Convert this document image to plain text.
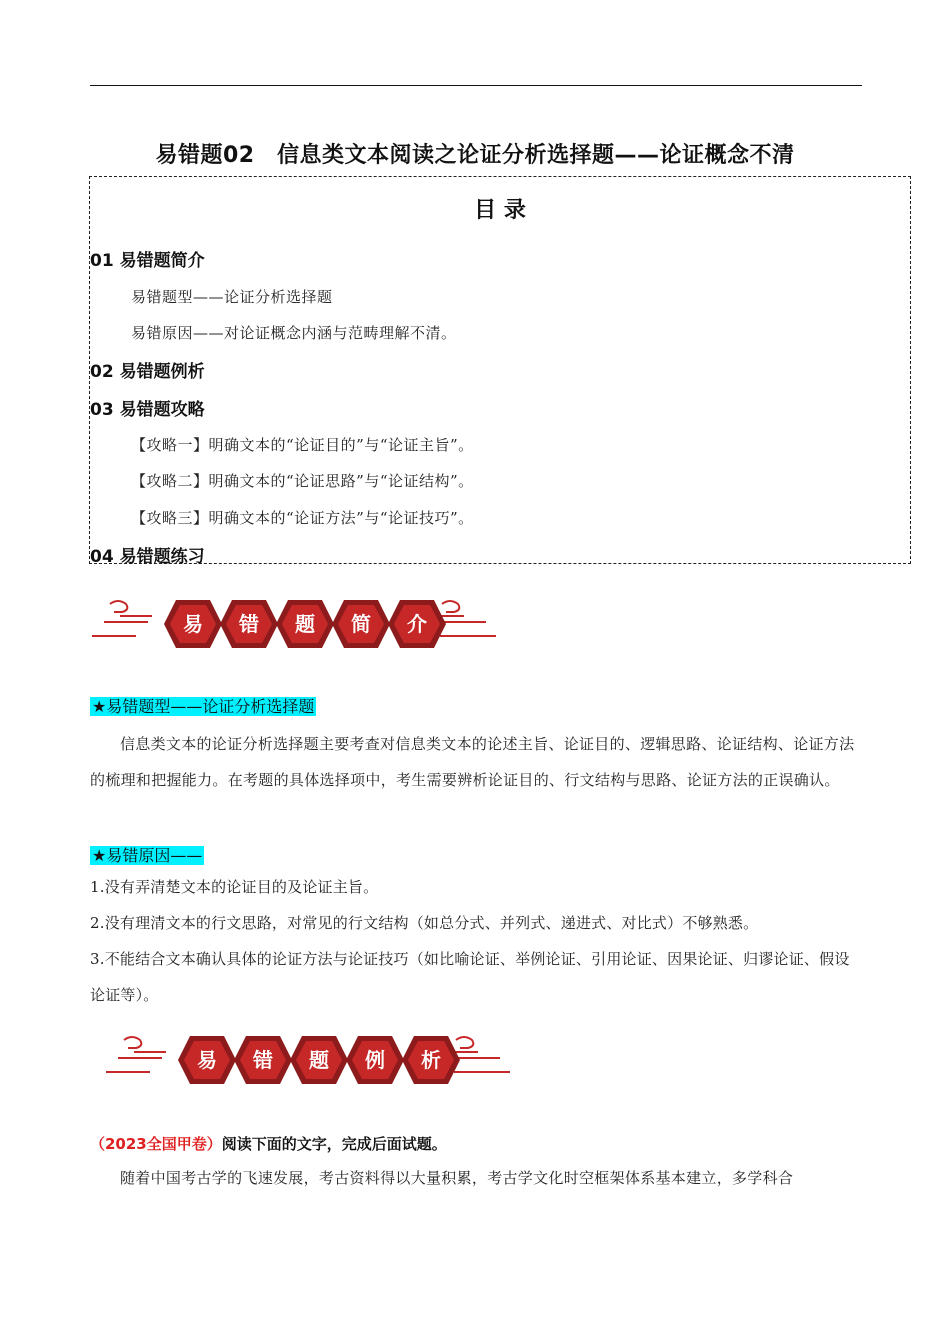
易错题02　信息类文本阅读之论证分析选择题——论证概念不清
目 录
01 易错题简介
易错题型——论证分析选择题
易错原因——对论证概念内涵与范畴理解不清。
02 易错题例析
03 易错题攻略
【攻略一】明确文本的“论证目的”与“论证主旨”。
【攻略二】明确文本的“论证思路”与“论证结构”。
【攻略三】明确文本的“论证方法”与“论证技巧”。
04 易错题练习
易 错 题 简 介
★易错题型——论证分析选择题

信息类文本的论证分析选择题主要考查对信息类文本的论述主旨、论证目的、逻辑思路、论证结构、论证方法的梳理和把握能力。在考题的具体选择项中，考生需要辨析论证目的、行文结构与思路、论证方法的正误确认。

★易错原因——

1.没有弄清楚文本的论证目的及论证主旨。

2.没有理清文本的行文思路，对常见的行文结构（如总分式、并列式、递进式、对比式）不够熟悉。

3.不能结合文本确认具体的论证方法与论证技巧（如比喻论证、举例论证、引用论证、因果论证、归谬论证、假设论证等）。

易 错 题 例 析
（2023全国甲卷）阅读下面的文字，完成后面试题。

随着中国考古学的飞速发展，考古资料得以大量积累，考古学文化时空框架体系基本建立，多学科合
